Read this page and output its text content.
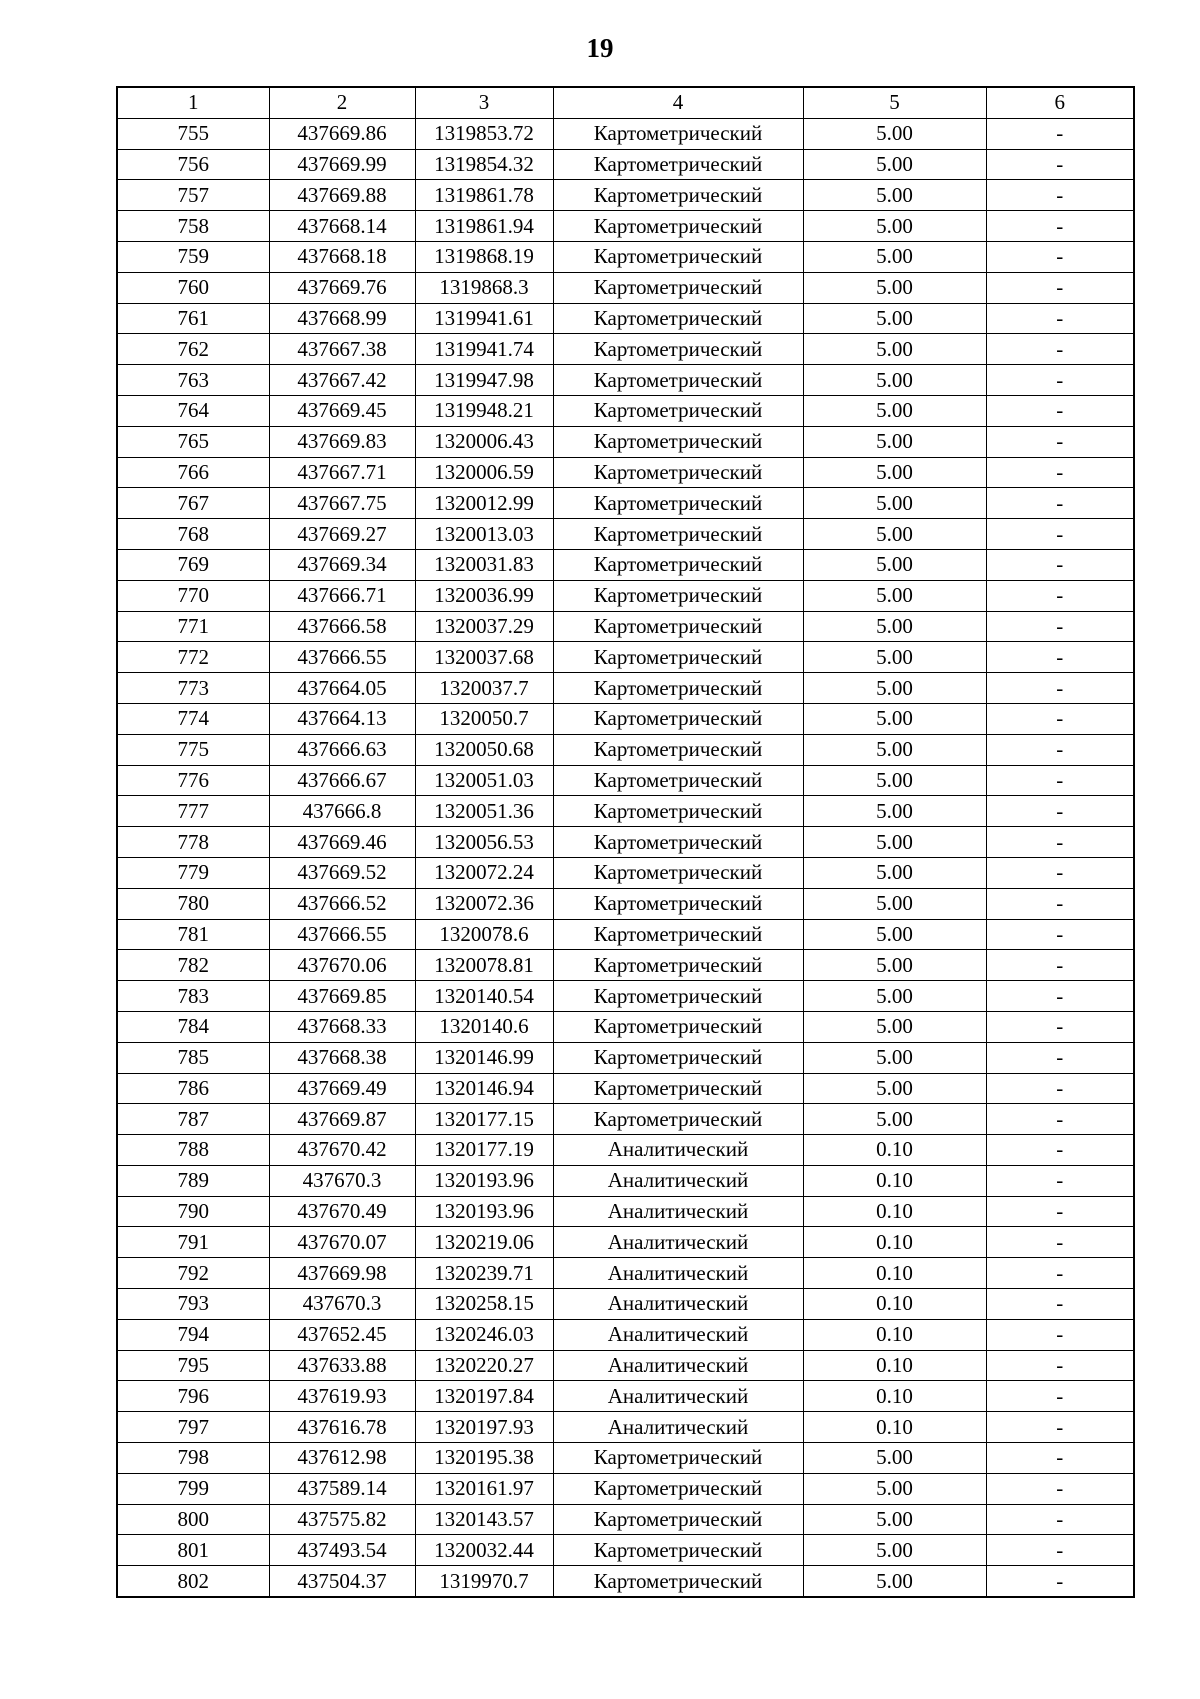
19
1	2	3	4	5	6
755	437669.86	1319853.72	Картометрический	5.00	-
756	437669.99	1319854.32	Картометрический	5.00	-
757	437669.88	1319861.78	Картометрический	5.00	-
758	437668.14	1319861.94	Картометрический	5.00	-
759	437668.18	1319868.19	Картометрический	5.00	-
760	437669.76	1319868.3	Картометрический	5.00	-
761	437668.99	1319941.61	Картометрический	5.00	-
762	437667.38	1319941.74	Картометрический	5.00	-
763	437667.42	1319947.98	Картометрический	5.00	-
764	437669.45	1319948.21	Картометрический	5.00	-
765	437669.83	1320006.43	Картометрический	5.00	-
766	437667.71	1320006.59	Картометрический	5.00	-
767	437667.75	1320012.99	Картометрический	5.00	-
768	437669.27	1320013.03	Картометрический	5.00	-
769	437669.34	1320031.83	Картометрический	5.00	-
770	437666.71	1320036.99	Картометрический	5.00	-
771	437666.58	1320037.29	Картометрический	5.00	-
772	437666.55	1320037.68	Картометрический	5.00	-
773	437664.05	1320037.7	Картометрический	5.00	-
774	437664.13	1320050.7	Картометрический	5.00	-
775	437666.63	1320050.68	Картометрический	5.00	-
776	437666.67	1320051.03	Картометрический	5.00	-
777	437666.8	1320051.36	Картометрический	5.00	-
778	437669.46	1320056.53	Картометрический	5.00	-
779	437669.52	1320072.24	Картометрический	5.00	-
780	437666.52	1320072.36	Картометрический	5.00	-
781	437666.55	1320078.6	Картометрический	5.00	-
782	437670.06	1320078.81	Картометрический	5.00	-
783	437669.85	1320140.54	Картометрический	5.00	-
784	437668.33	1320140.6	Картометрический	5.00	-
785	437668.38	1320146.99	Картометрический	5.00	-
786	437669.49	1320146.94	Картометрический	5.00	-
787	437669.87	1320177.15	Картометрический	5.00	-
788	437670.42	1320177.19	Аналитический	0.10	-
789	437670.3	1320193.96	Аналитический	0.10	-
790	437670.49	1320193.96	Аналитический	0.10	-
791	437670.07	1320219.06	Аналитический	0.10	-
792	437669.98	1320239.71	Аналитический	0.10	-
793	437670.3	1320258.15	Аналитический	0.10	-
794	437652.45	1320246.03	Аналитический	0.10	-
795	437633.88	1320220.27	Аналитический	0.10	-
796	437619.93	1320197.84	Аналитический	0.10	-
797	437616.78	1320197.93	Аналитический	0.10	-
798	437612.98	1320195.38	Картометрический	5.00	-
799	437589.14	1320161.97	Картометрический	5.00	-
800	437575.82	1320143.57	Картометрический	5.00	-
801	437493.54	1320032.44	Картометрический	5.00	-
802	437504.37	1319970.7	Картометрический	5.00	-
